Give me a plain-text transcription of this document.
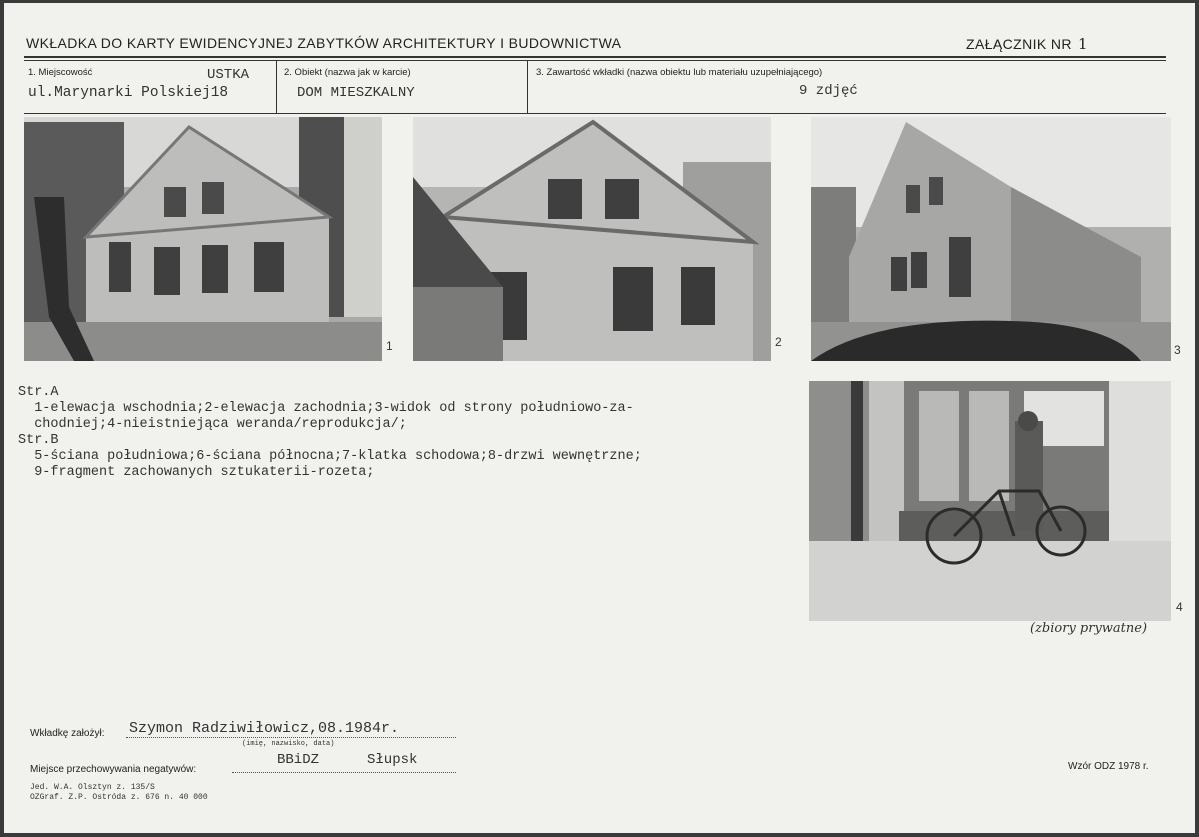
WKŁADKA DO KARTY EWIDENCYJNEJ ZABYTKÓW ARCHITEKTURY I BUDOWNICTWA	ZAŁĄCZNIK NR 1
1. Miejscowość	USTKA
ul.Marynarki Polskiej18
2. Obiekt (nazwa jak w karcie)
DOM MIESZKALNY
3. Zawartość wkładki (nazwa obiektu lub materiału uzupełniającego)
9 zdjęć
1	2
3
Str.A
1-elewacja wschodnia;2-elewacja zachodnia;3-widok od strony południowo-za-
chodniej;4-nieistniejąca weranda/reprodukcja/;
Str.B
5-ściana południowa;6-ściana północna;7-klatka schodowa;8-drzwi wewnętrzne;
9-fragment zachowanych sztukaterii-rozeta;
4
(zbiory prywatne)
Wkładkę założył: Szymon Radziwiłowicz,08.1984r.
(imię, nazwisko, data)
BBiDZ	Słupsk
Miejsce przechowywania negatywów:
Jed. W.A. Olsztyn z. 135/S
OZGraf. Z.P. Ostróda z. 676 n. 40 000
Wzór ODZ 1978 r.
